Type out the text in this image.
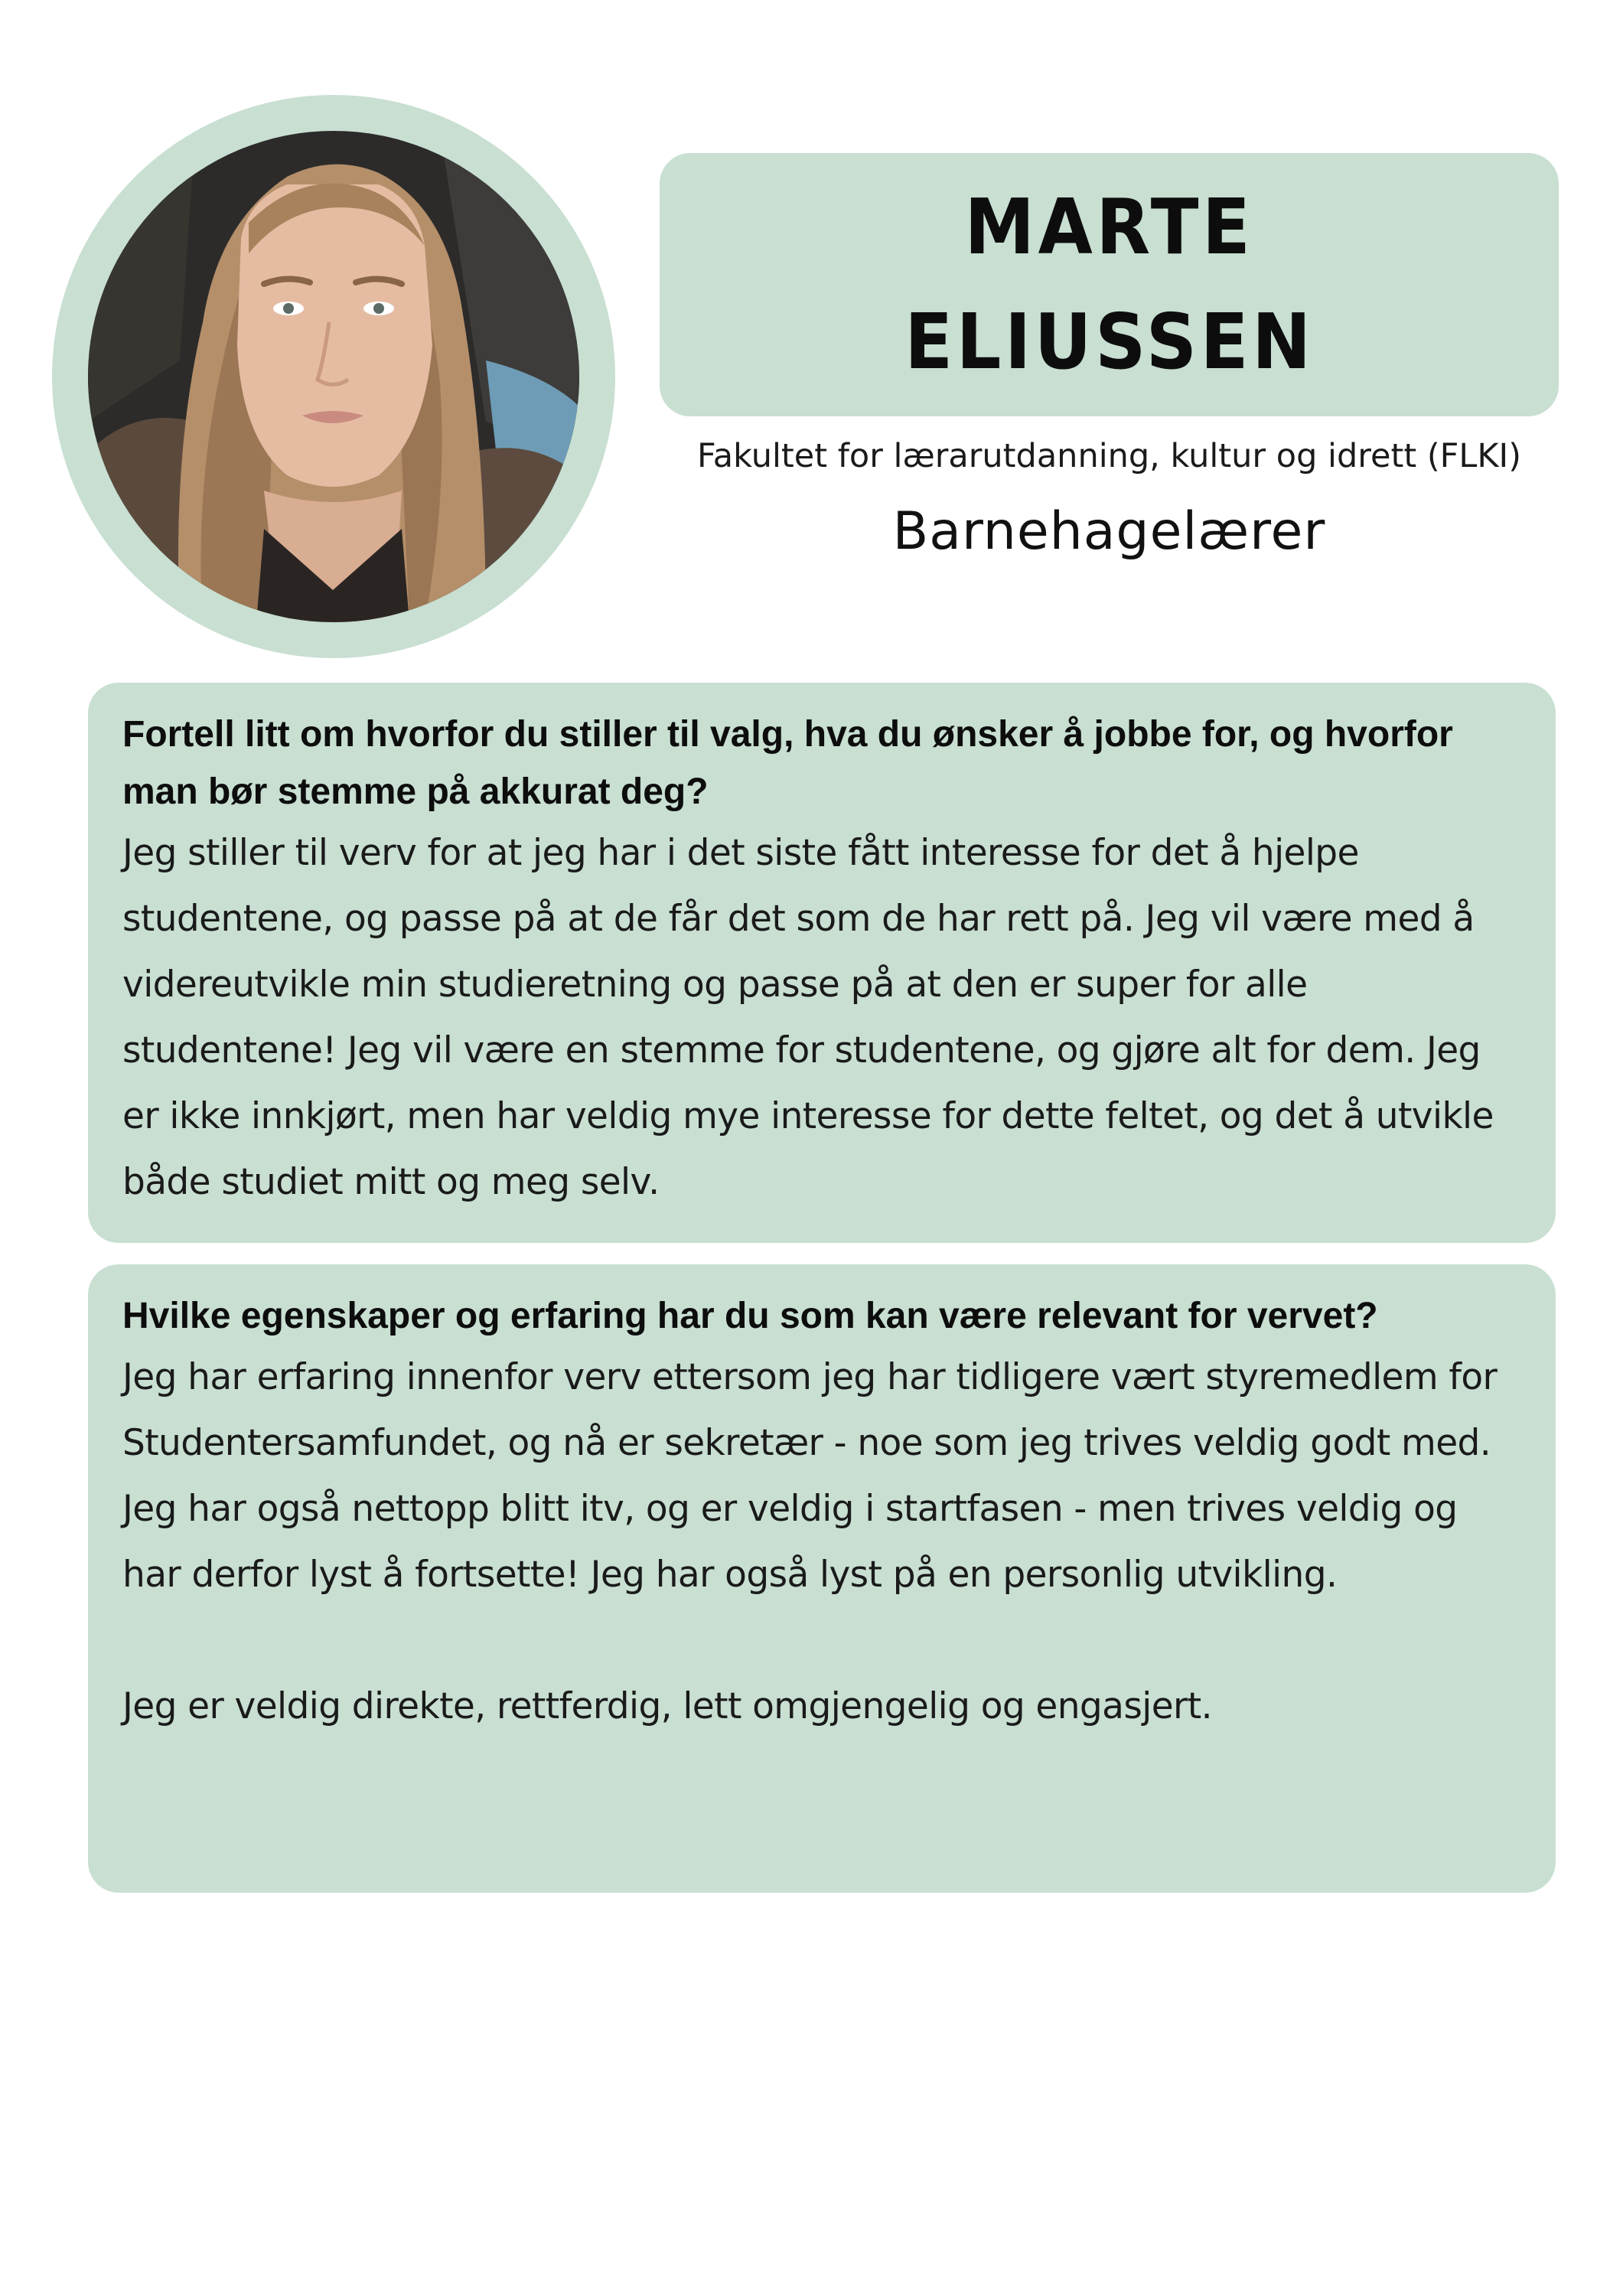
MARTE
ELIUSSEN
Fakultet for lærarutdanning, kultur og idrett (FLKI)
Barnehagelærer

Fortell litt om hvorfor du stiller til valg, hva du ønsker å jobbe for, og hvorfor man bør stemme på akkurat deg?

Jeg stiller til verv for at jeg har i det siste fått interesse for det å hjelpe studentene, og passe på at de får det som de har rett på. Jeg vil være med å videreutvikle min studieretning og passe på at den er super for alle studentene! Jeg vil være en stemme for studentene, og gjøre alt for dem. Jeg er ikke innkjørt, men har veldig mye interesse for dette feltet, og det å utvikle både studiet mitt og meg selv.

Hvilke egenskaper og erfaring har du som kan være relevant for vervet?

Jeg har erfaring innenfor verv ettersom jeg har tidligere vært styremedlem for Studentersamfundet, og nå er sekretær - noe som jeg trives veldig godt med. Jeg har også nettopp blitt itv, og er veldig i startfasen - men trives veldig og har derfor lyst å fortsette! Jeg har også lyst på en personlig utvikling.

Jeg er veldig direkte, rettferdig, lett omgjengelig og engasjert.
